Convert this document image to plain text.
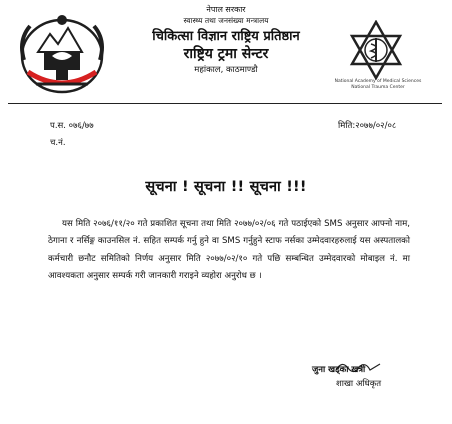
नेपाल सरकार
स्वास्थ्य तथा जनसंख्या मन्त्रालय
चिकित्सा विज्ञान राष्ट्रिय प्रतिष्ठान
राष्ट्रिय ट्रमा सेन्टर
महांकाल, काठमाण्डौ
National Academy of Medical Sciences
National Trauma Center
प.स. ०७६/७७
च.नं.
मिति:२०७७/०२/०८
सूचना ! सूचना !! सूचना !!!
यस मिति २०७६/११/२० गते प्रकाशित सूचना तथा मिति २०७७/०२/०६ गते पठाईएको SMS अनुसार आफ्नो नाम, ठेगाना र नर्सिङ्ग काउनसिल नं. सहित सम्पर्क गर्नु हुने वा SMS गर्नुहुने स्टाफ नर्सका उम्मेदवारहरुलाई यस अस्पतालको कर्मचारी छनौट समितिको निर्णय अनुसार मिति २०७७/०२/१० गते पछि सम्बन्धित उम्मेदवारको मोबाइल नं. मा आवश्यकता अनुसार सम्पर्क गरी जानकारी गराइने व्यहोरा अनुरोध छ ।
जुना खड्का खत्री
शाखा अधिकृत
